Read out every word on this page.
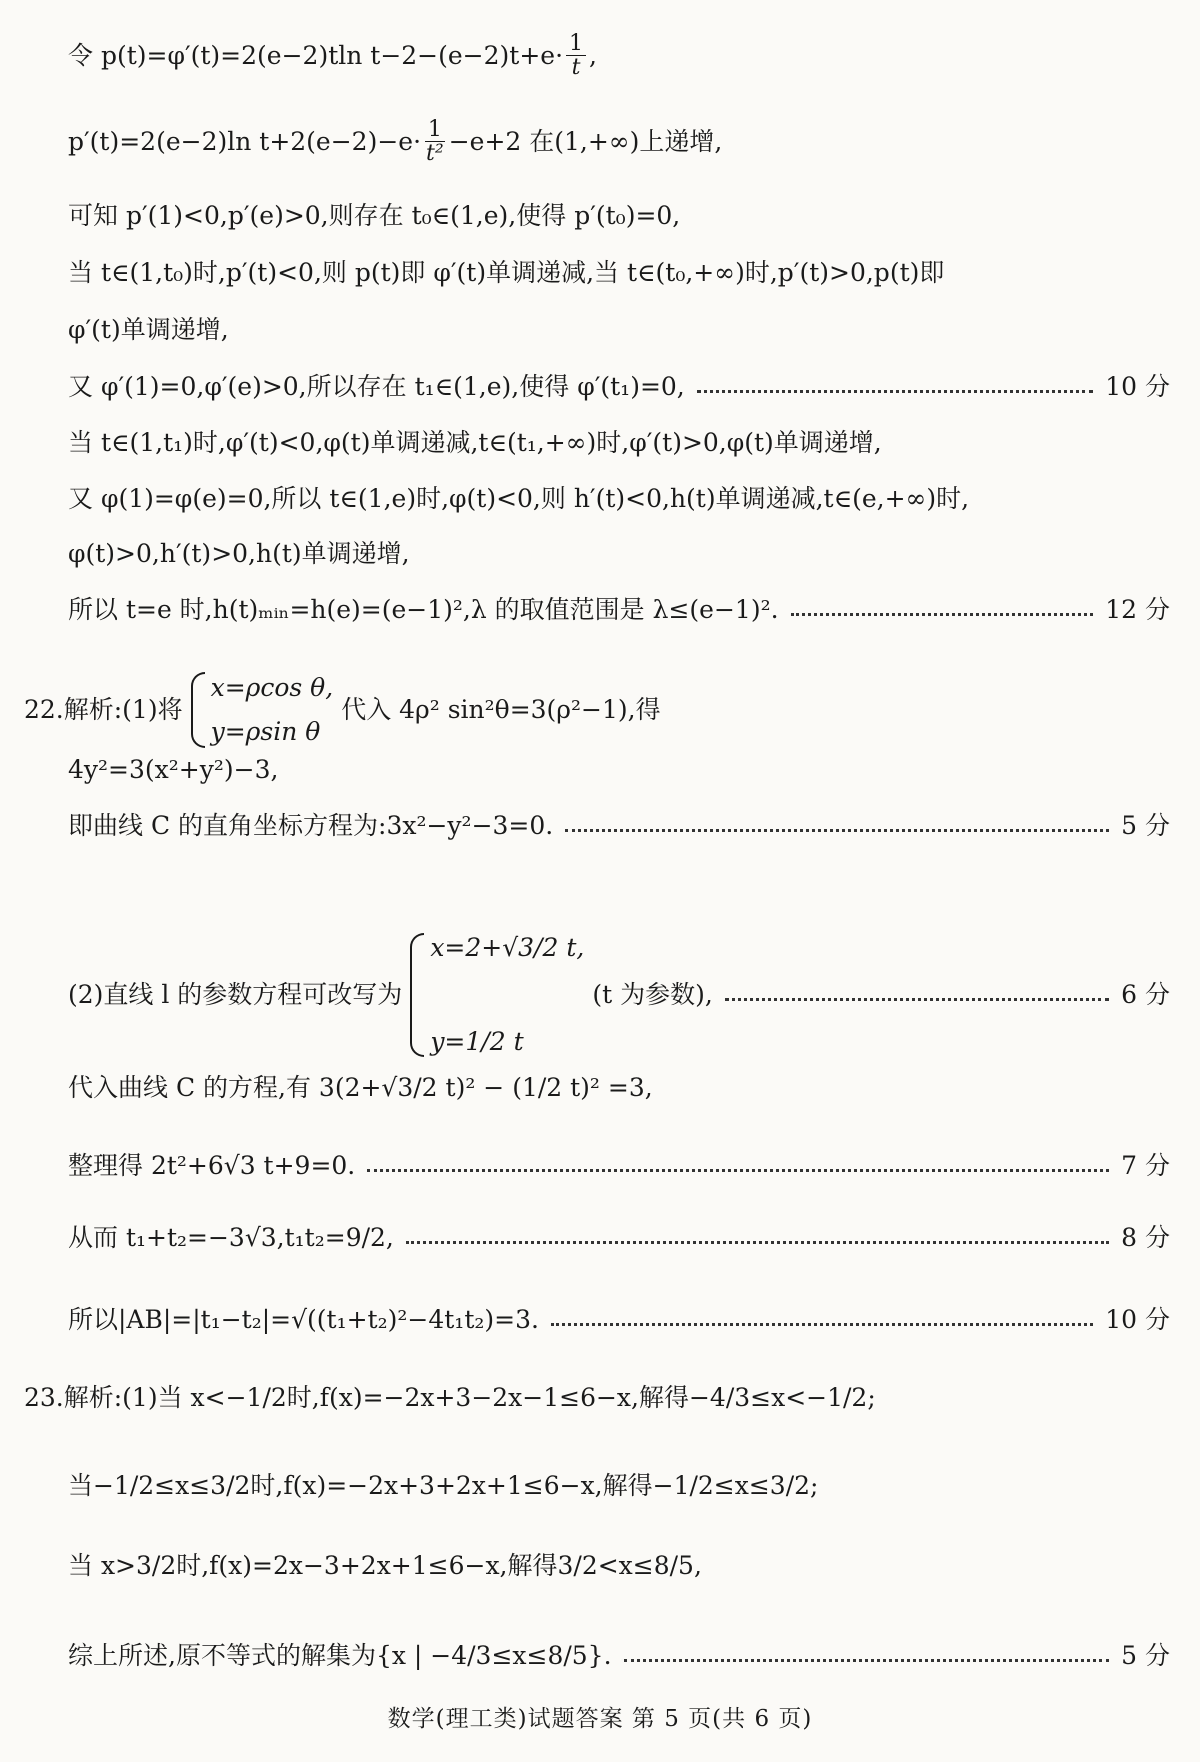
令 p(t)=φ′(t)=2(e−2)tln $t-2-(e-2)t+e\cdot \frac{1}{t}$ ,
p′(t)=2(e−2)ln $t+2(e-2)-e\cdot \frac{1}{\text{t²}} -e+2$ 在(1,+∞)上递增,
可知 p′(1)<0,p′(e)>0,则存在 t₀∈(1,e),使得 p′(t₀)=0,
当 t∈(1,t₀)时,p′(t)<0,则 p(t)即 φ′(t)单调递减,当 t∈(t₀,+∞)时,p′(t)>0,p(t)即
φ′(t)单调递增,
又 φ′(1)=0,φ′(e)>0,所以存在 t₁∈(1,e),使得 φ′(t₁)=0,	10 分
当 t∈(1,t₁)时,φ′(t)<0,φ(t)单调递减,t∈(t₁,+∞)时,φ′(t)>0,φ(t)单调递增,
又 φ(1)=φ(e)=0,所以 t∈(1,e)时,φ(t)<0,则 h′(t)<0,h(t)单调递减,t∈(e,+∞)时,
φ(t)>0,h′(t)>0,h(t)单调递增,
所以 t=e 时,h(t)ₘᵢₙ=h(e)=(e−1)²,λ 的取值范围是 λ≤(e−1)².	12 分
22.解析:(1)将
x=ρcos θ,
y=ρsin θ
代入 4ρ² sin²θ=3(ρ²−1),得
4y²=3(x²+y²)−3,
即曲线 C 的直角坐标方程为:3x²−y²−3=0.	5 分
(2)直线 l 的参数方程可改写为
x=2+√3/2 t,
y=1/2 t
(t 为参数),	6 分
代入曲线 C 的方程,有 3(2+√3/2 t)² − (1/2 t)² =3,
整理得 2t²+6√3 t+9=0.	7 分
从而 t₁+t₂=−3√3,t₁t₂=9/2,	8 分
所以|AB|=|t₁−t₂|=√((t₁+t₂)²−4t₁t₂)=3.	10 分
23.解析:(1)当 x<−1/2时,f(x)=−2x+3−2x−1≤6−x,解得−4/3≤x<−1/2;
当−1/2≤x≤3/2时,f(x)=−2x+3+2x+1≤6−x,解得−1/2≤x≤3/2;
当 x>3/2时,f(x)=2x−3+2x+1≤6−x,解得3/2<x≤8/5,
综上所述,原不等式的解集为{x | −4/3≤x≤8/5}.	5 分
数学(理工类)试题答案 第 5 页(共 6 页)
